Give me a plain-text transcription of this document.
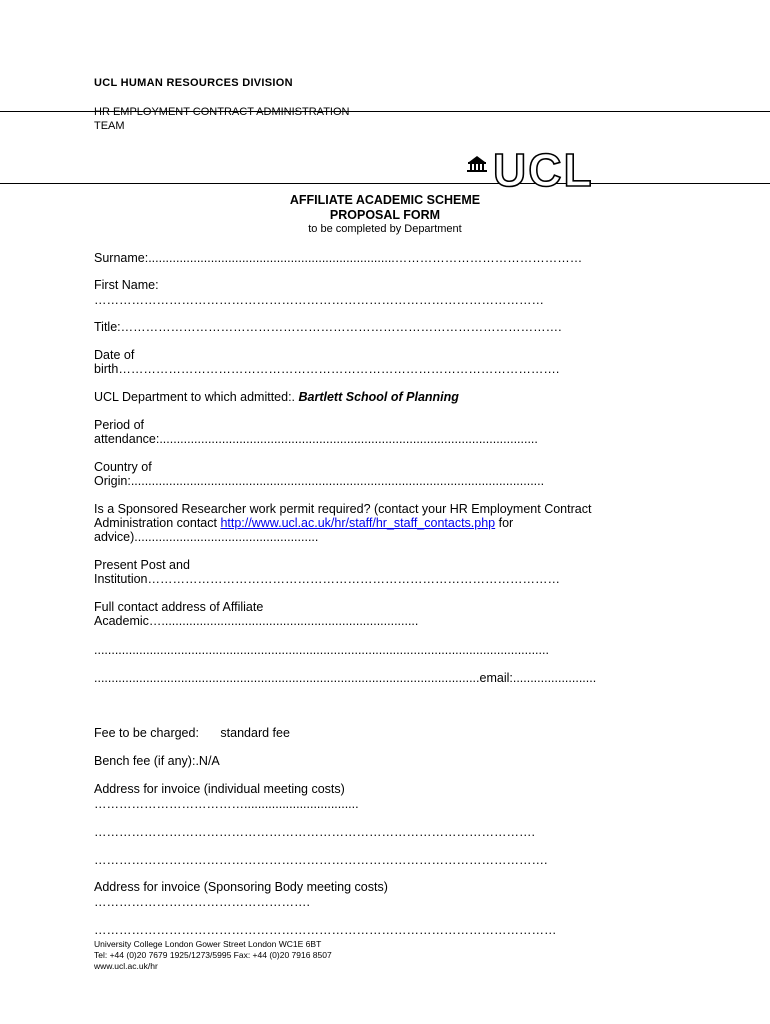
UCL HUMAN RESOURCES DIVISION
HR EMPLOYMENT CONTRACT ADMINISTRATION
TEAM
UCL
AFFILIATE ACADEMIC SCHEME
PROPOSAL FORM
to be completed by Department
Surname:.......................................................................………………………………………
First Name:
………………………………………………………………………………………………
Title:…………………………………………………………………………………………….
Date of
birth…………………………………………………………………………………………….
UCL Department to which admitted:. Bartlett School of Planning
Period of
attendance:.............................................................................................................
Country of
Origin:.......................................................................................................................
Is a Sponsored Researcher work permit required? (contact your HR Employment Contract
Administration contact http://www.ucl.ac.uk/hr/staff/hr_staff_contacts.php for
advice).....................................................
Present Post and
Institution………………………………………………………………………………………
Full contact address of Affiliate
Academic…..........................................................................
...................................................................................................................................
...............................................................................................................email:........................
Fee to be charged: standard fee
Bench fee (if any):.N/A
Address for invoice (individual meeting costs)
……………………………….................................
…………………………………………………………………………………………….
……………………………………………………………………………………………….
Address for invoice (Sponsoring Body meeting costs)
…………………………………………….
…………………………………………………………………………………………………
University College London Gower Street London WC1E 6BT
Tel: +44 (0)20 7679 1925/1273/5995 Fax: +44 (0)20 7916 8507
www.ucl.ac.uk/hr
